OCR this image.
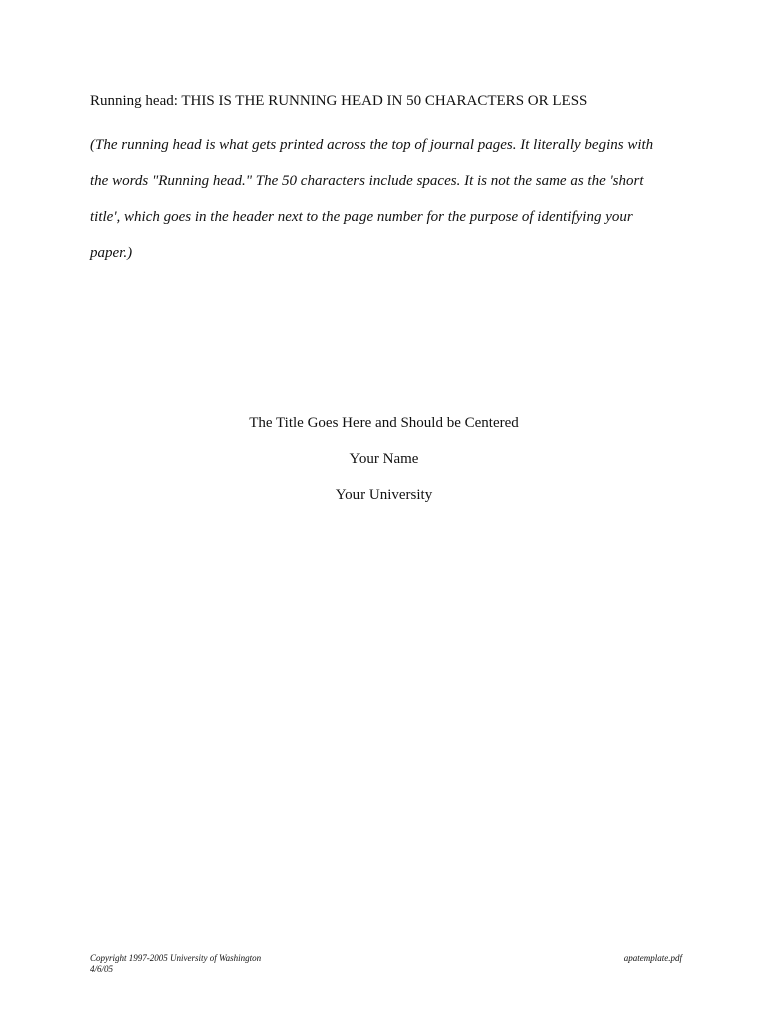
Running head: THIS IS THE RUNNING HEAD IN 50 CHARACTERS OR LESS
(The running head is what gets printed across the top of journal pages. It literally begins with
the words "Running head." The 50 characters include spaces. It is not the same as the 'short
title', which goes in the header next to the page number for the purpose of identifying your
paper.)
The Title Goes Here and Should be Centered
Your Name
Your University
Copyright 1997-2005 University of Washington
4/6/05
apatemplate.pdf
